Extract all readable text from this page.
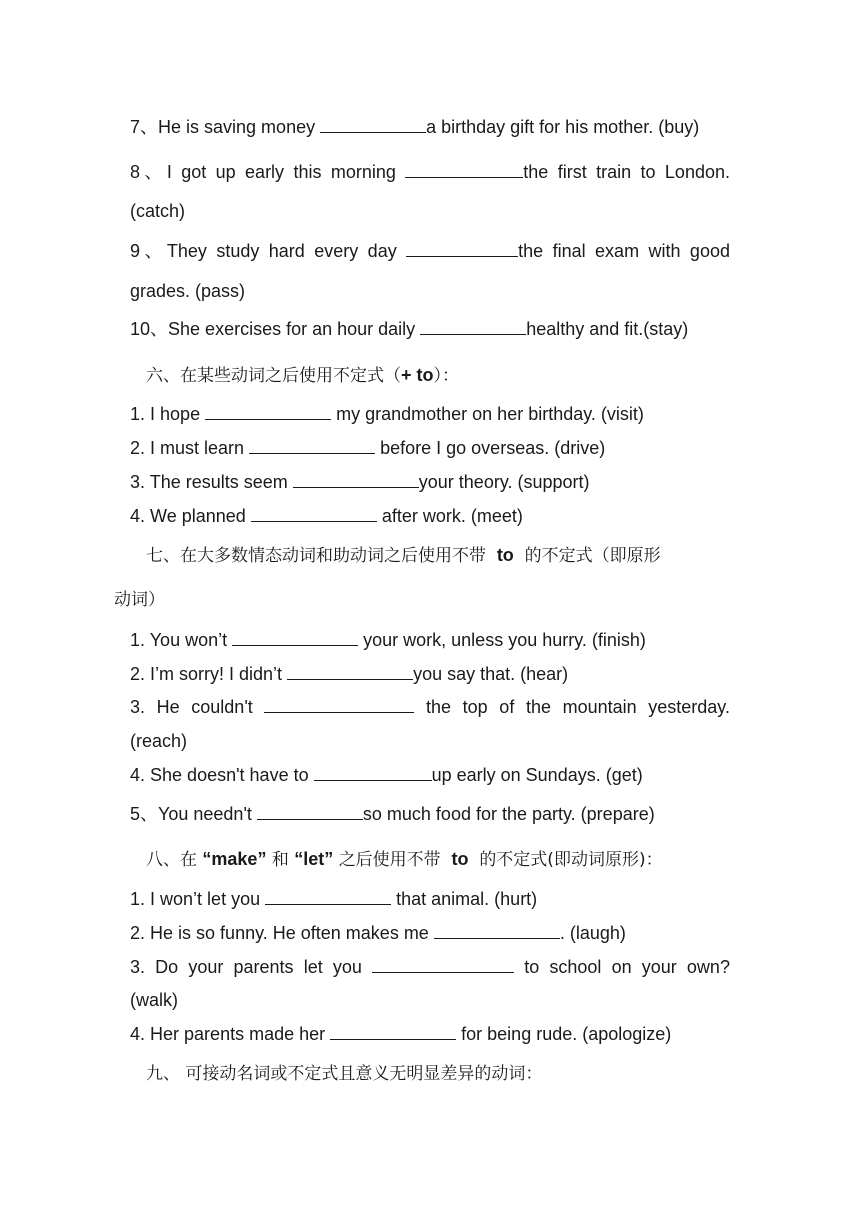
7、He is saving money	a birthday gift for his mother. (buy)
8、I got up early this morning	the first train to London.
(catch)
9、They study hard every day	the final exam with good
grades. (pass)
10、She exercises for an hour daily	healthy and fit.(stay)
六、在某些动词之后使用不定式（+ to）：
1. I hope	my grandmother on her birthday. (visit)
2. I must learn	before I go overseas. (drive)
3. The results seem	your theory. (support)
4. We planned	after work. (meet)
七、在大多数情态动词和助动词之后使用不带 to 的不定式（即原形
动词）
1. You won’t	your work, unless you hurry. (finish)
2. I’m sorry! I didn’t	you say that. (hear)
3. He couldn't	the top of the mountain yesterday.
(reach)
4. She doesn't have to	up early on Sundays. (get)
5、You needn't	so much food for the party. (prepare)
八、在 “make” 和 “let” 之后使用不带 to 的不定式(即动词原形)：
1. I won’t let you	that animal. (hurt)
2. He is so funny. He often makes me	. (laugh)
3. Do your parents let you	to school on your own?
(walk)
4. Her parents made her	for being rude. (apologize)
九、 可接动名词或不定式且意义无明显差异的动词：
